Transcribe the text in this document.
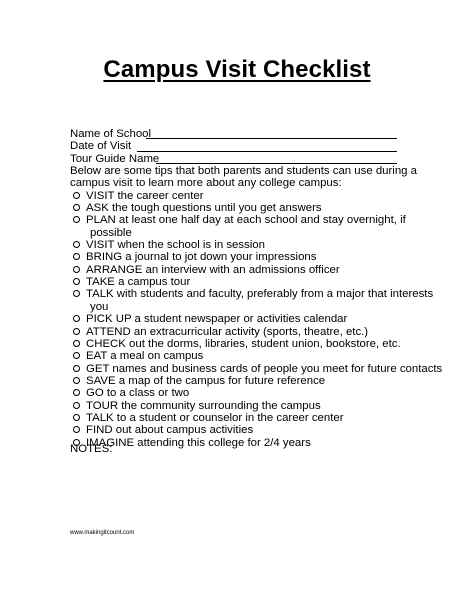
Campus Visit Checklist
Name of School
Date of Visit
Tour Guide Name
Below are some tips that both parents and students can use during a
campus visit to learn more about any college campus:
VISIT the career center
ASK the tough questions until you get answers
PLAN at least one half day at each school and stay overnight, if
possible
VISIT when the school is in session
BRING a journal to jot down your impressions
ARRANGE an interview with an admissions officer
TAKE a campus tour
TALK with students and faculty, preferably from a major that interests
you
PICK UP a student newspaper or activities calendar
ATTEND an extracurricular activity (sports, theatre, etc.)
CHECK out the dorms, libraries, student union, bookstore, etc.
EAT a meal on campus
GET names and business cards of people you meet for future contacts
SAVE a map of the campus for future reference
GO to a class or two
TOUR the community surrounding the campus
TALK to a student or counselor in the career center
FIND out about campus activities
IMAGINE attending this college for 2/4 years
NOTES:
www.makingitcount.com
